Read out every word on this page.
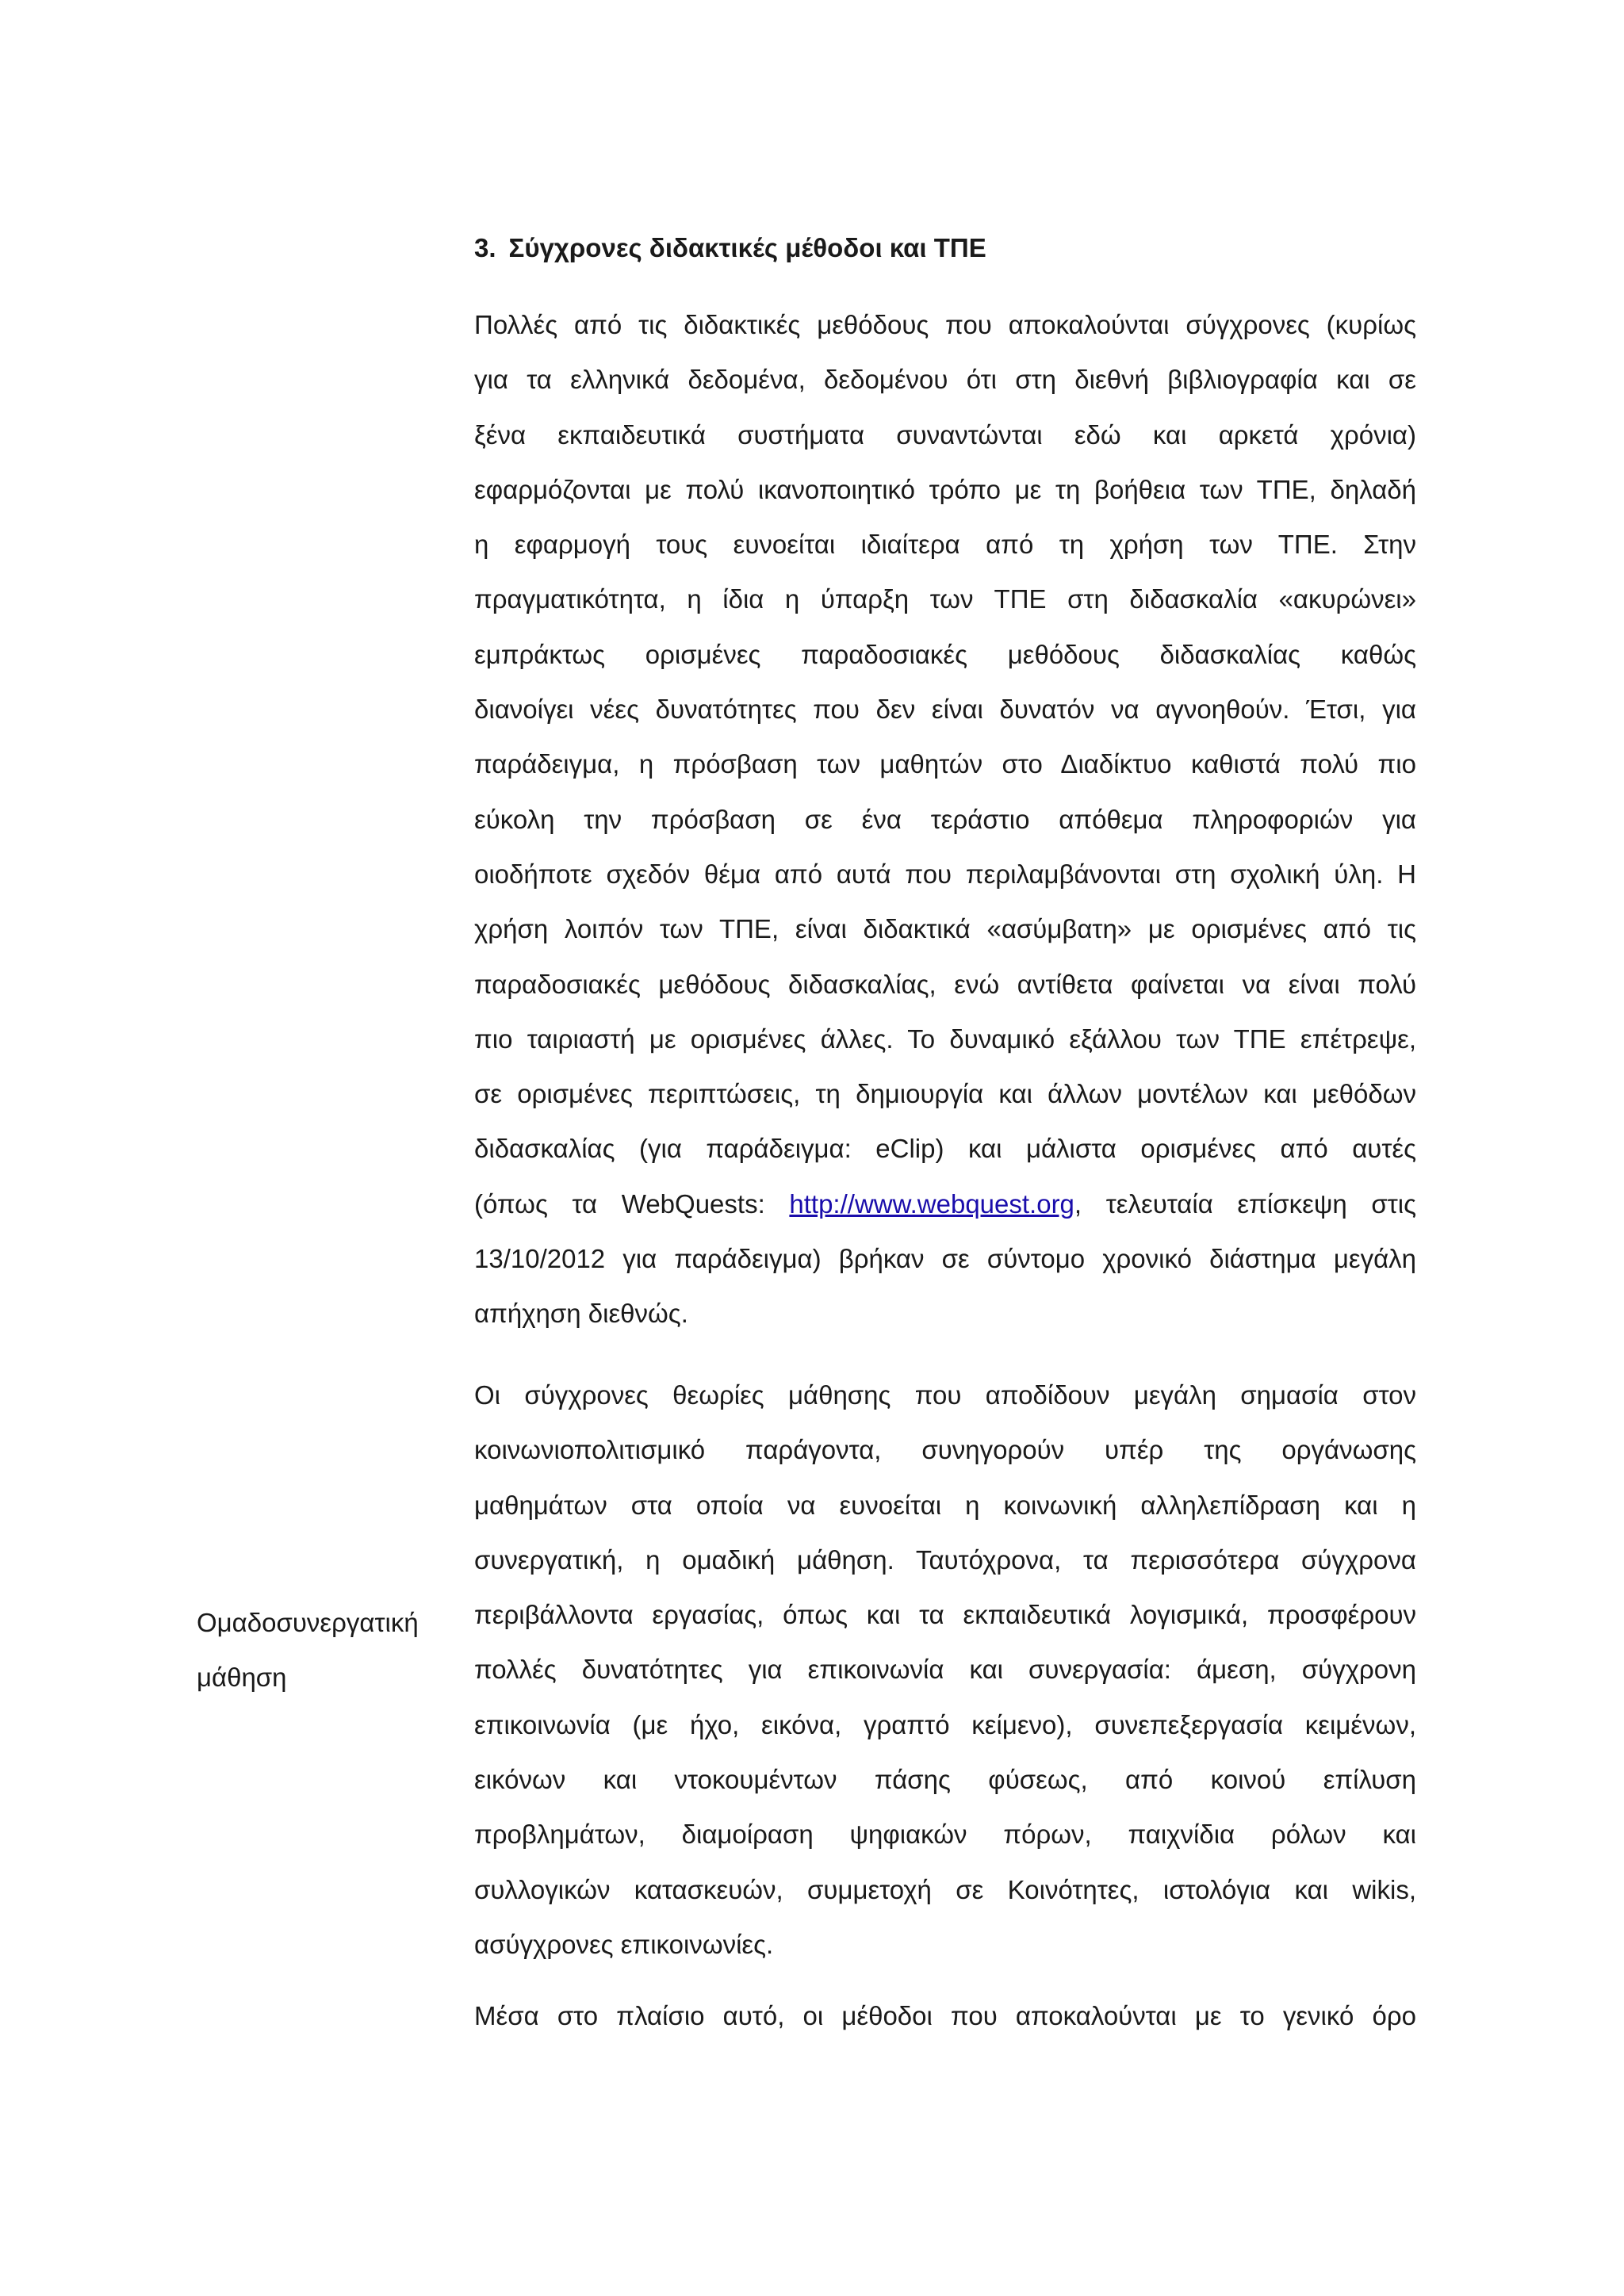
3. Σύγχρονες διδακτικές μέθοδοι και ΤΠΕ
Πολλές από τις διδακτικές μεθόδους που αποκαλούνται σύγχρονες (κυρίως
για τα ελληνικά δεδομένα, δεδομένου ότι στη διεθνή βιβλιογραφία και σε
ξένα εκπαιδευτικά συστήματα συναντώνται εδώ και αρκετά χρόνια)
εφαρμόζονται με πολύ ικανοποιητικό τρόπο με τη βοήθεια των ΤΠΕ, δηλαδή
η εφαρμογή τους ευνοείται ιδιαίτερα από τη χρήση των ΤΠΕ. Στην
πραγματικότητα, η ίδια η ύπαρξη των ΤΠΕ στη διδασκαλία «ακυρώνει»
εμπράκτως ορισμένες παραδοσιακές μεθόδους διδασκαλίας καθώς
διανοίγει νέες δυνατότητες που δεν είναι δυνατόν να αγνοηθούν. Έτσι, για
παράδειγμα, η πρόσβαση των μαθητών στο Διαδίκτυο καθιστά πολύ πιο
εύκολη την πρόσβαση σε ένα τεράστιο απόθεμα πληροφοριών για
οιοδήποτε σχεδόν θέμα από αυτά που περιλαμβάνονται στη σχολική ύλη. Η
χρήση λοιπόν των ΤΠΕ, είναι διδακτικά «ασύμβατη» με ορισμένες από τις
παραδοσιακές μεθόδους διδασκαλίας, ενώ αντίθετα φαίνεται να είναι πολύ
πιο ταιριαστή με ορισμένες άλλες. Το δυναμικό εξάλλου των ΤΠΕ επέτρεψε,
σε ορισμένες περιπτώσεις, τη δημιουργία και άλλων μοντέλων και μεθόδων
διδασκαλίας (για παράδειγμα: eClip) και μάλιστα ορισμένες από αυτές
(όπως τα WebQuests: http://www.webquest.org, τελευταία επίσκεψη στις
13/10/2012 για παράδειγμα) βρήκαν σε σύντομο χρονικό διάστημα μεγάλη
απήχηση διεθνώς.
Ομαδοσυνεργατική
μάθηση
Οι σύγχρονες θεωρίες μάθησης που αποδίδουν μεγάλη σημασία στον
κοινωνιοπολιτισμικό παράγοντα, συνηγορούν υπέρ της οργάνωσης
μαθημάτων στα οποία να ευνοείται η κοινωνική αλληλεπίδραση και η
συνεργατική, η ομαδική μάθηση. Ταυτόχρονα, τα περισσότερα σύγχρονα
περιβάλλοντα εργασίας, όπως και τα εκπαιδευτικά λογισμικά, προσφέρουν
πολλές δυνατότητες για επικοινωνία και συνεργασία: άμεση, σύγχρονη
επικοινωνία (με ήχο, εικόνα, γραπτό κείμενο), συνεπεξεργασία κειμένων,
εικόνων και ντοκουμέντων πάσης φύσεως, από κοινού επίλυση
προβλημάτων, διαμοίραση ψηφιακών πόρων, παιχνίδια ρόλων και
συλλογικών κατασκευών, συμμετοχή σε Κοινότητες, ιστολόγια και wikis,
ασύγχρονες επικοινωνίες.
Μέσα στο πλαίσιο αυτό, οι μέθοδοι που αποκαλούνται με το γενικό όρο
